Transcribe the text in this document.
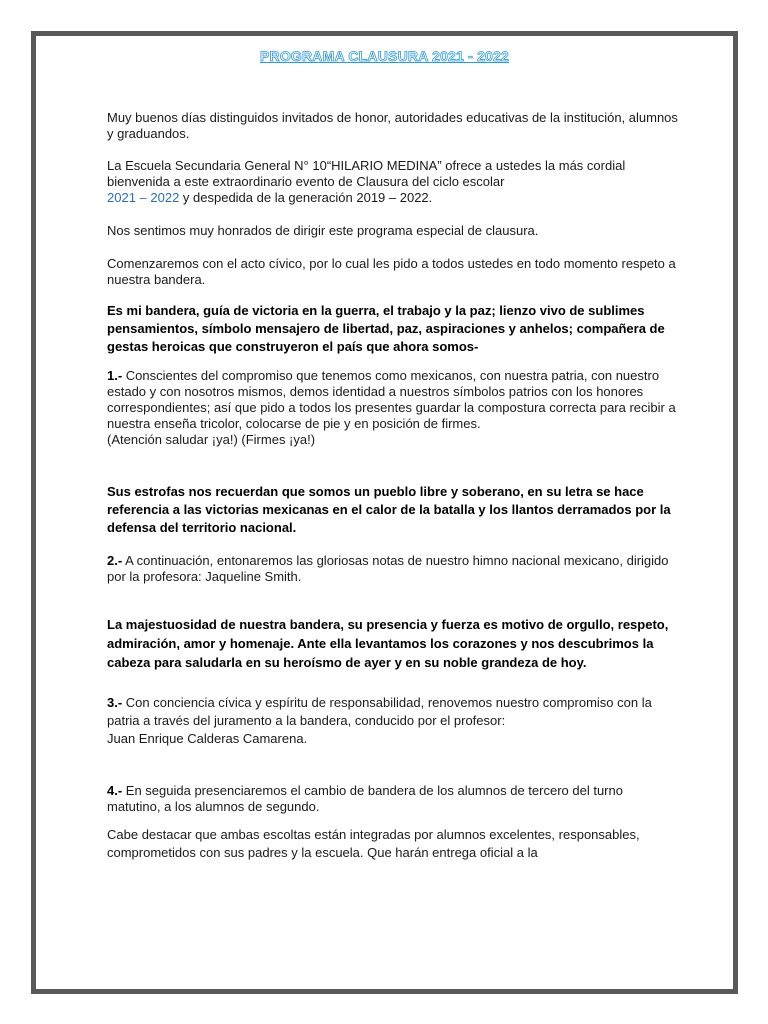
PROGRAMA CLAUSURA 2021 - 2022

Muy buenos días distinguidos invitados de honor, autoridades educativas de la institución, alumnos y graduandos.

La Escuela Secundaria General N° 10“HILARIO MEDINA” ofrece a ustedes la más cordial bienvenida a este extraordinario evento de Clausura del ciclo escolar
2021 – 2022 y despedida de la generación 2019 – 2022.

Nos sentimos muy honrados de dirigir este programa especial de clausura.

Comenzaremos con el acto cívico, por lo cual les pido a todos ustedes en todo momento respeto a nuestra bandera.

Es mi bandera, guía de victoria en la guerra, el trabajo y la paz; lienzo vivo de sublimes pensamientos, símbolo mensajero de libertad, paz, aspiraciones y anhelos; compañera de gestas heroicas que construyeron el país que ahora somos-

1.- Conscientes del compromiso que tenemos como mexicanos, con nuestra patria, con nuestro estado y con nosotros mismos, demos identidad a nuestros símbolos patrios con los honores correspondientes; así que pido a todos los presentes guardar la compostura correcta para recibir a nuestra enseña tricolor, colocarse de pie y en posición de firmes.

(Atención saludar ¡ya!) (Firmes ¡ya!)

Sus estrofas nos recuerdan que somos un pueblo libre y soberano, en su letra se hace referencia a las victorias mexicanas en el calor de la batalla y los llantos derramados por la defensa del territorio nacional.

2.- A continuación, entonaremos las gloriosas notas de nuestro himno nacional mexicano, dirigido por la profesora: Jaqueline Smith.

La majestuosidad de nuestra bandera, su presencia y fuerza es motivo de orgullo, respeto, admiración, amor y homenaje. Ante ella levantamos los corazones y nos descubrimos la cabeza para saludarla en su heroísmo de ayer y en su noble grandeza de hoy.

3.- Con conciencia cívica y espíritu de responsabilidad, renovemos nuestro compromiso con la patria a través del juramento a la bandera, conducido por el profesor:

Juan Enrique Calderas Camarena.

4.- En seguida presenciaremos el cambio de bandera de los alumnos de tercero del turno matutino, a los alumnos de segundo.

Cabe destacar que ambas escoltas están integradas por alumnos excelentes, responsables, comprometidos con sus padres y la escuela. Que harán entrega oficial a la
